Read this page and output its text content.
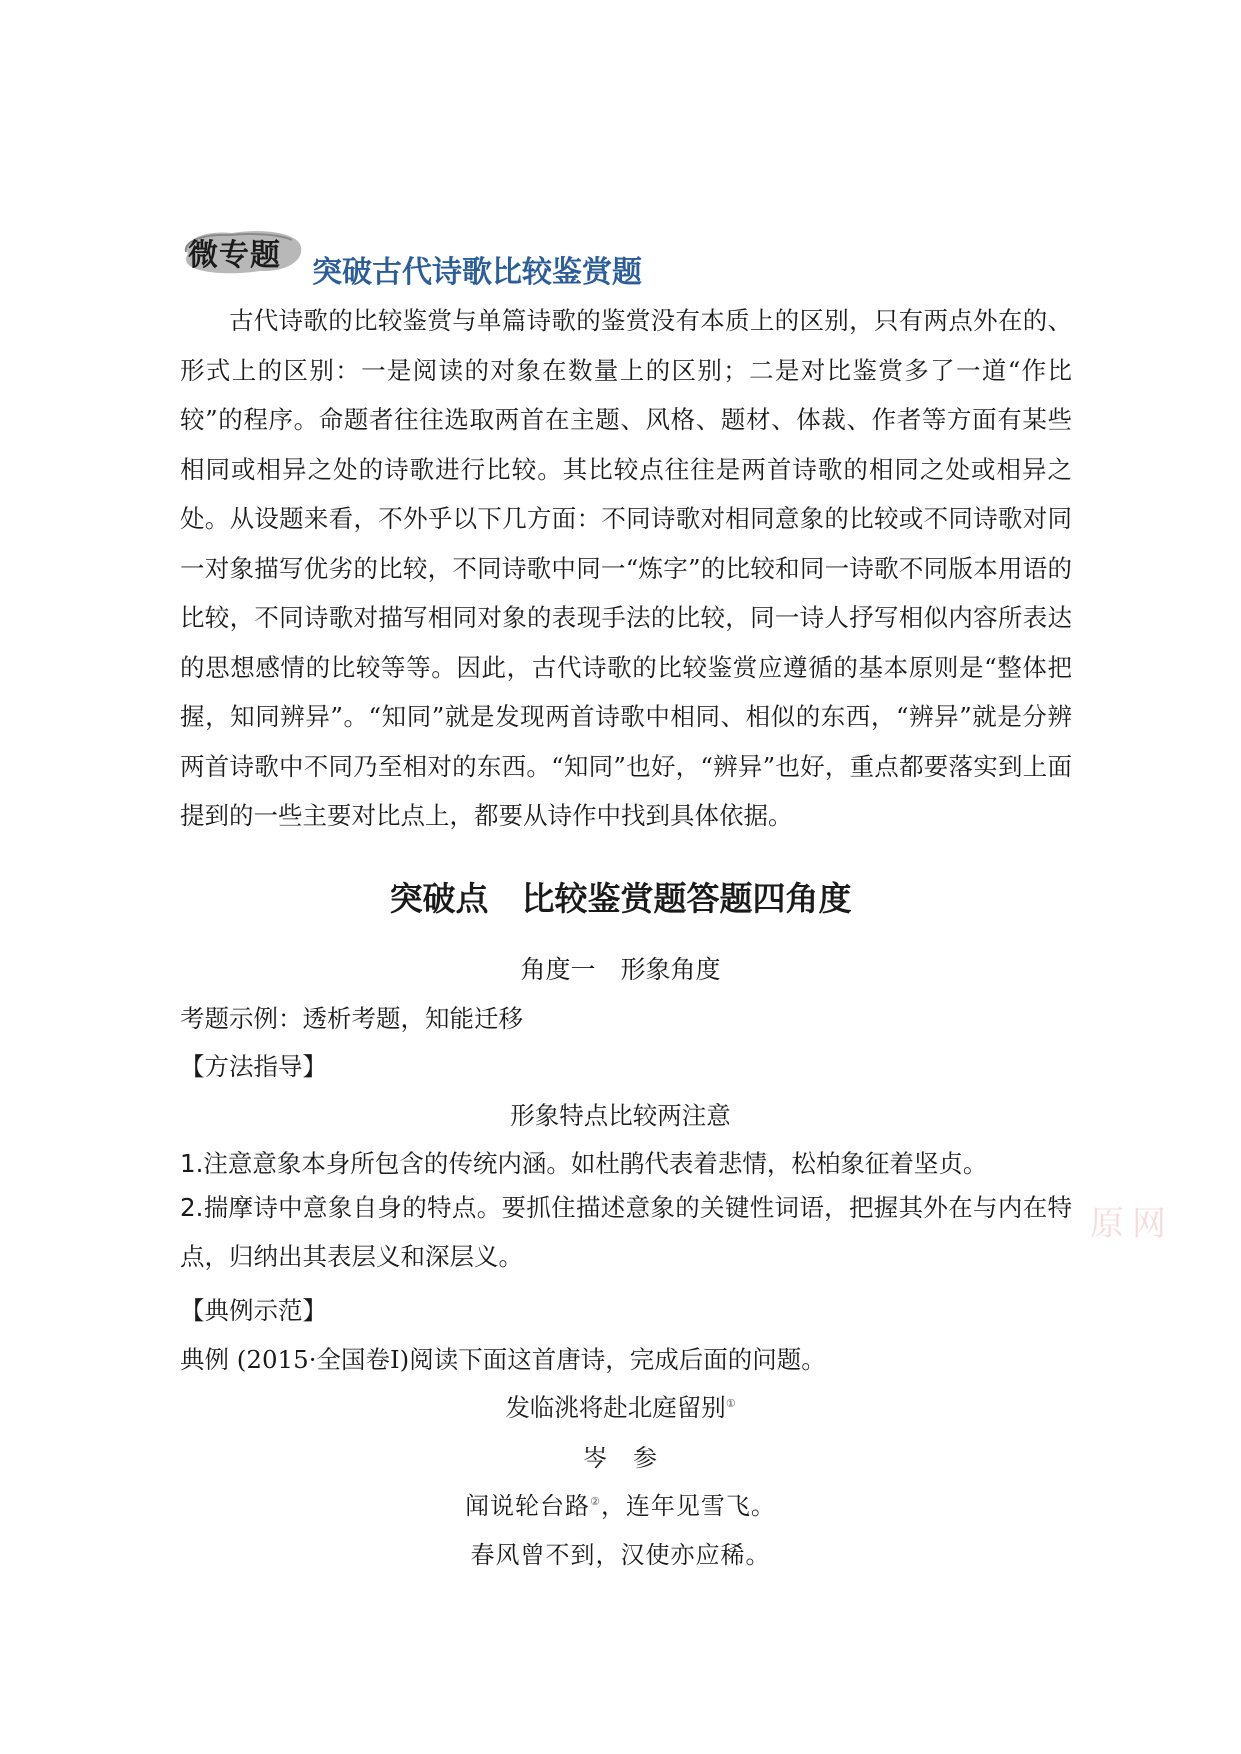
微专题 突破古代诗歌比较鉴赏题

古代诗歌的比较鉴赏与单篇诗歌的鉴赏没有本质上的区别，只有两点外在的、形式上的区别：一是阅读的对象在数量上的区别；二是对比鉴赏多了一道“作比较”的程序。命题者往往选取两首在主题、风格、题材、体裁、作者等方面有某些相同或相异之处的诗歌进行比较。其比较点往往是两首诗歌的相同之处或相异之处。从设题来看，不外乎以下几方面：不同诗歌对相同意象的比较或不同诗歌对同一对象描写优劣的比较，不同诗歌中同一“炼字”的比较和同一诗歌不同版本用语的比较，不同诗歌对描写相同对象的表现手法的比较，同一诗人抒写相似内容所表达的思想感情的比较等等。因此，古代诗歌的比较鉴赏应遵循的基本原则是“整体把握，知同辨异”。“知同”就是发现两首诗歌中相同、相似的东西，“辨异”就是分辨两首诗歌中不同乃至相对的东西。“知同”也好，“辨异”也好，重点都要落实到上面提到的一些主要对比点上，都要从诗作中找到具体依据。

突破点　比较鉴赏题答题四角度
角度一　形象角度
考题示例：透析考题，知能迁移
【方法指导】
形象特点比较两注意
1.注意意象本身所包含的传统内涵。如杜鹃代表着悲情，松柏象征着坚贞。

2.揣摩诗中意象自身的特点。要抓住描述意象的关键性词语，把握其外在与内在特点，归纳出其表层义和深层义。

【典例示范】
典例 (2015·全国卷Ⅰ)阅读下面这首唐诗，完成后面的问题。
发临洮将赴北庭留别①
岑　参
闻说轮台路②，连年见雪飞。
春风曾不到，汉使亦应稀。
原网
